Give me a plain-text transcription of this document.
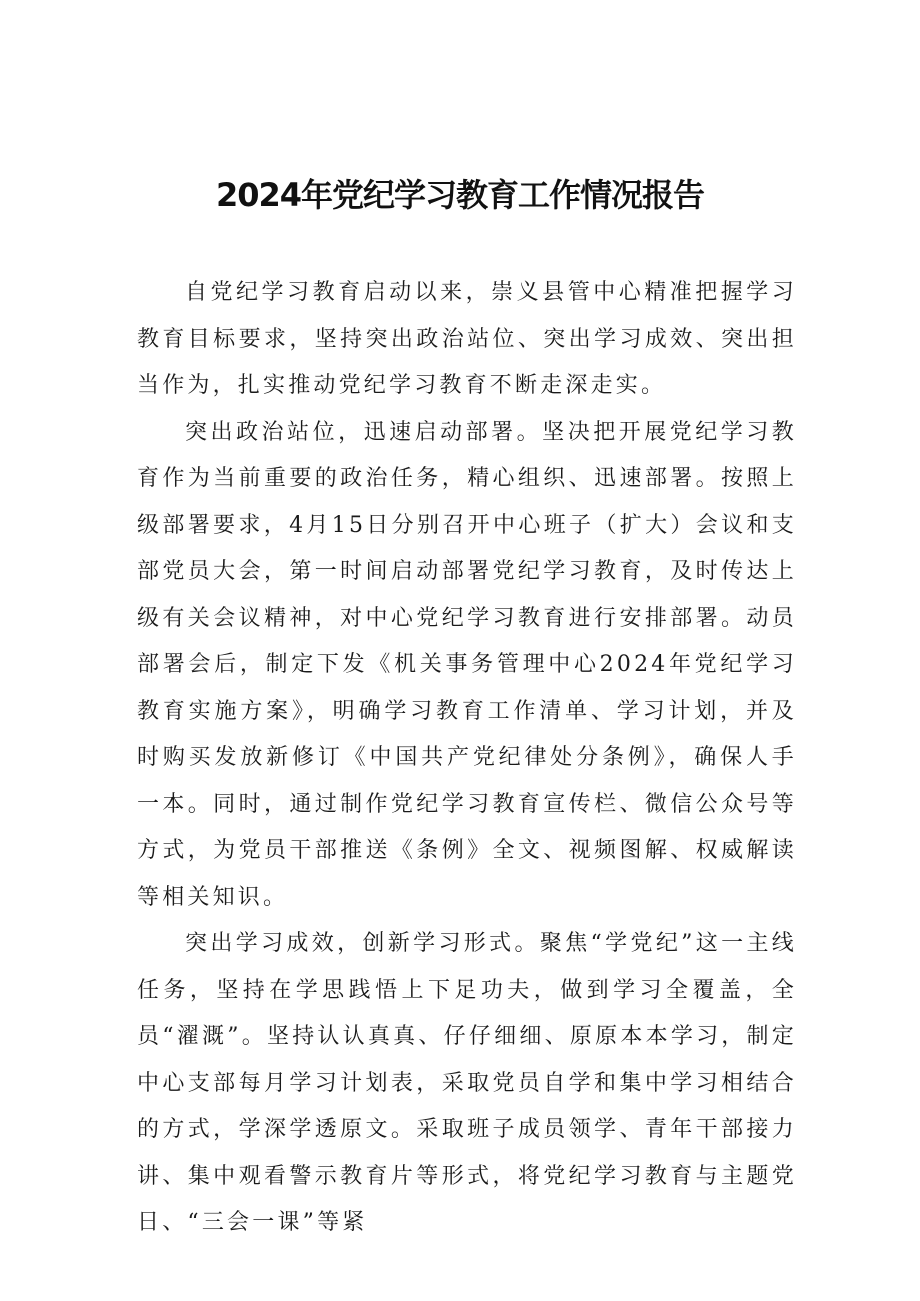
2024年党纪学习教育工作情况报告

自党纪学习教育启动以来，崇义县管中心精准把握学习教育目标要求，坚持突出政治站位、突出学习成效、突出担当作为，扎实推动党纪学习教育不断走深走实。

突出政治站位，迅速启动部署。坚决把开展党纪学习教育作为当前重要的政治任务，精心组织、迅速部署。按照上级部署要求，4月15日分别召开中心班子（扩大）会议和支部党员大会，第一时间启动部署党纪学习教育，及时传达上级有关会议精神，对中心党纪学习教育进行安排部署。动员部署会后，制定下发《机关事务管理中心2024年党纪学习教育实施方案》，明确学习教育工作清单、学习计划，并及时购买发放新修订《中国共产党纪律处分条例》，确保人手一本。同时，通过制作党纪学习教育宣传栏、微信公众号等方式，为党员干部推送《条例》全文、视频图解、权威解读等相关知识。

突出学习成效，创新学习形式。聚焦“学党纪”这一主线任务，坚持在学思践悟上下足功夫，做到学习全覆盖，全员“濯溉”。坚持认认真真、仔仔细细、原原本本学习，制定中心支部每月学习计划表，采取党员自学和集中学习相结合的方式，学深学透原文。采取班子成员领学、青年干部接力讲、集中观看警示教育片等形式，将党纪学习教育与主题党日、“三会一课”等紧
